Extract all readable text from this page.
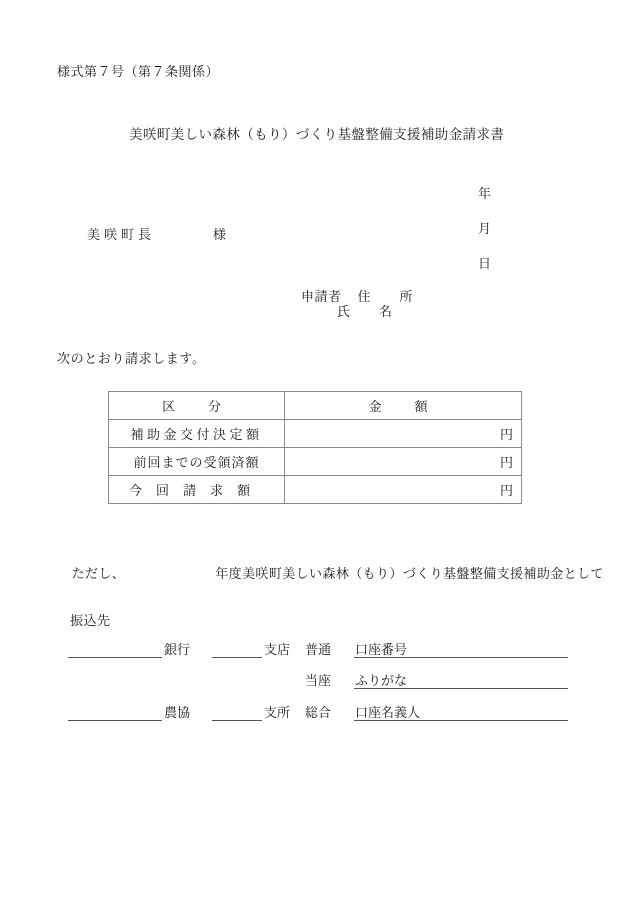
様式第７号（第７条関係）
美咲町美しい森林（もり）づくり基盤整備支援補助金請求書

年

月

日

美咲町長	様

申請者 住　所

氏　名
次のとおり請求します。
区　分	金　額
補助金交付決定額	円
前回までの受領済額	円
今回請求額	円

ただし、	年度美咲町美しい森林（もり）づくり基盤整備支援補助金として

振込先
銀行	支店 普通 口座番号
当座 ふりがな
農協	支所 総合 口座名義人
